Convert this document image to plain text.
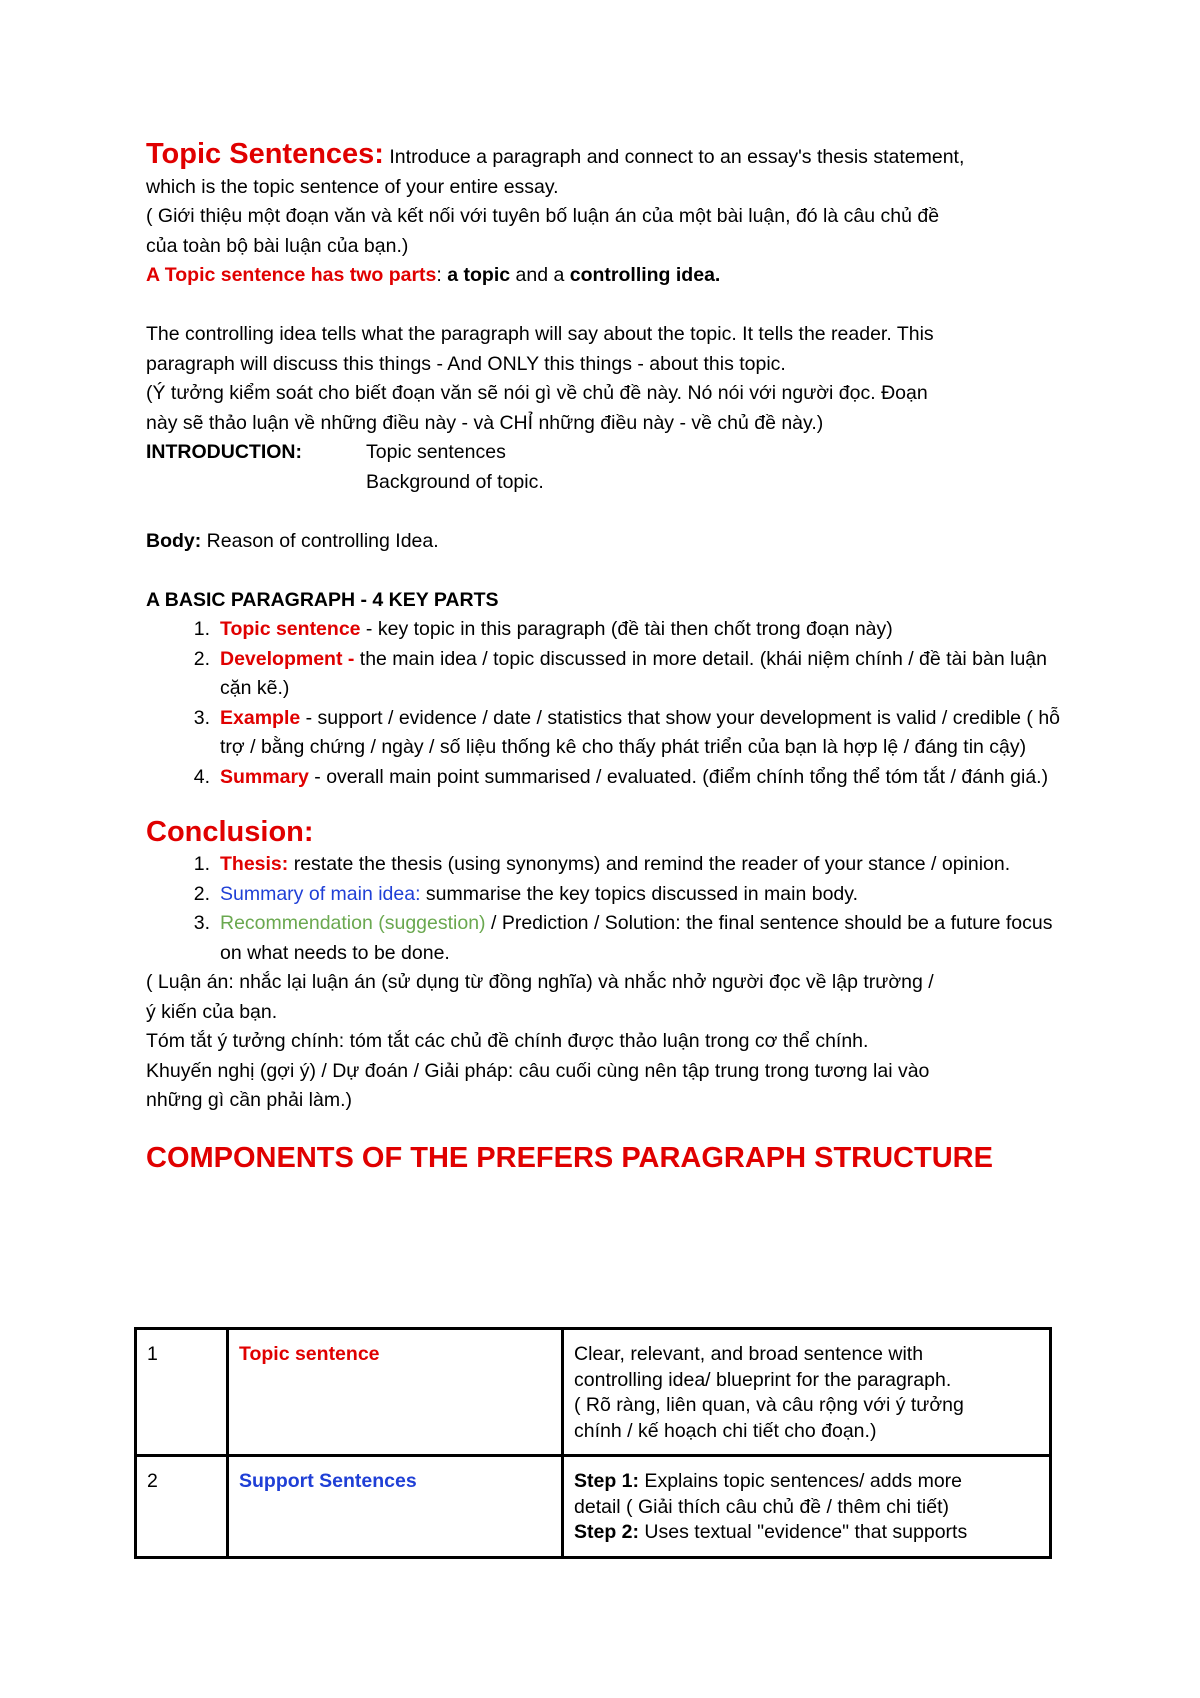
Topic Sentences: Introduce a paragraph and connect to an essay's thesis statement,

which is the topic sentence of your entire essay.

( Giới thiệu một đoạn văn và kết nối với tuyên bố luận án của một bài luận, đó là câu chủ đề

của toàn bộ bài luận của bạn.)

A Topic sentence has two parts: a topic and a controlling idea.

The controlling idea tells what the paragraph will say about the topic. It tells the reader. This

paragraph will discuss this things - And ONLY this things - about this topic.

(Ý tưởng kiểm soát cho biết đoạn văn sẽ nói gì về chủ đề này. Nó nói với người đọc. Đoạn

này sẽ thảo luận về những điều này - và CHỈ những điều này - về chủ đề này.)

INTRODUCTION:	Topic sentences

Background of topic.

Body: Reason of controlling Idea.

A BASIC PARAGRAPH - 4 KEY PARTS

1. Topic sentence - key topic in this paragraph (đề tài then chốt trong đoạn này)
2. Development - the main idea / topic discussed in more detail. (khái niệm chính / đề tài bàn luận cặn kẽ.)
3. Example - support / evidence / date / statistics that show your development is valid / credible ( hỗ trợ / bằng chứng / ngày / số liệu thống kê cho thấy phát triển của bạn là hợp lệ / đáng tin cậy)
4. Summary - overall main point summarised / evaluated. (điểm chính tổng thể tóm tắt / đánh giá.)

Conclusion:

1. Thesis: restate the thesis (using synonyms) and remind the reader of your stance / opinion.
2. Summary of main idea: summarise the key topics discussed in main body.
3. Recommendation (suggestion) / Prediction / Solution: the final sentence should be a future focus on what needs to be done.

( Luận án: nhắc lại luận án (sử dụng từ đồng nghĩa) và nhắc nhở người đọc về lập trường /

ý kiến của bạn.

Tóm tắt ý tưởng chính: tóm tắt các chủ đề chính được thảo luận trong cơ thể chính.

Khuyến nghị (gợi ý) / Dự đoán / Giải pháp: câu cuối cùng nên tập trung trong tương lai vào

những gì cần phải làm.)

COMPONENTS OF THE PREFERS PARAGRAPH STRUCTURE

1	Topic sentence	Clear, relevant, and broad sentence with
controlling idea/ blueprint for the paragraph.
( Rõ ràng, liên quan, và câu rộng với ý tưởng
chính / kế hoạch chi tiết cho đoạn.)

2	Support Sentences	Step 1: Explains topic sentences/ adds more
detail ( Giải thích câu chủ đề / thêm chi tiết)
Step 2: Uses textual "evidence" that supports
